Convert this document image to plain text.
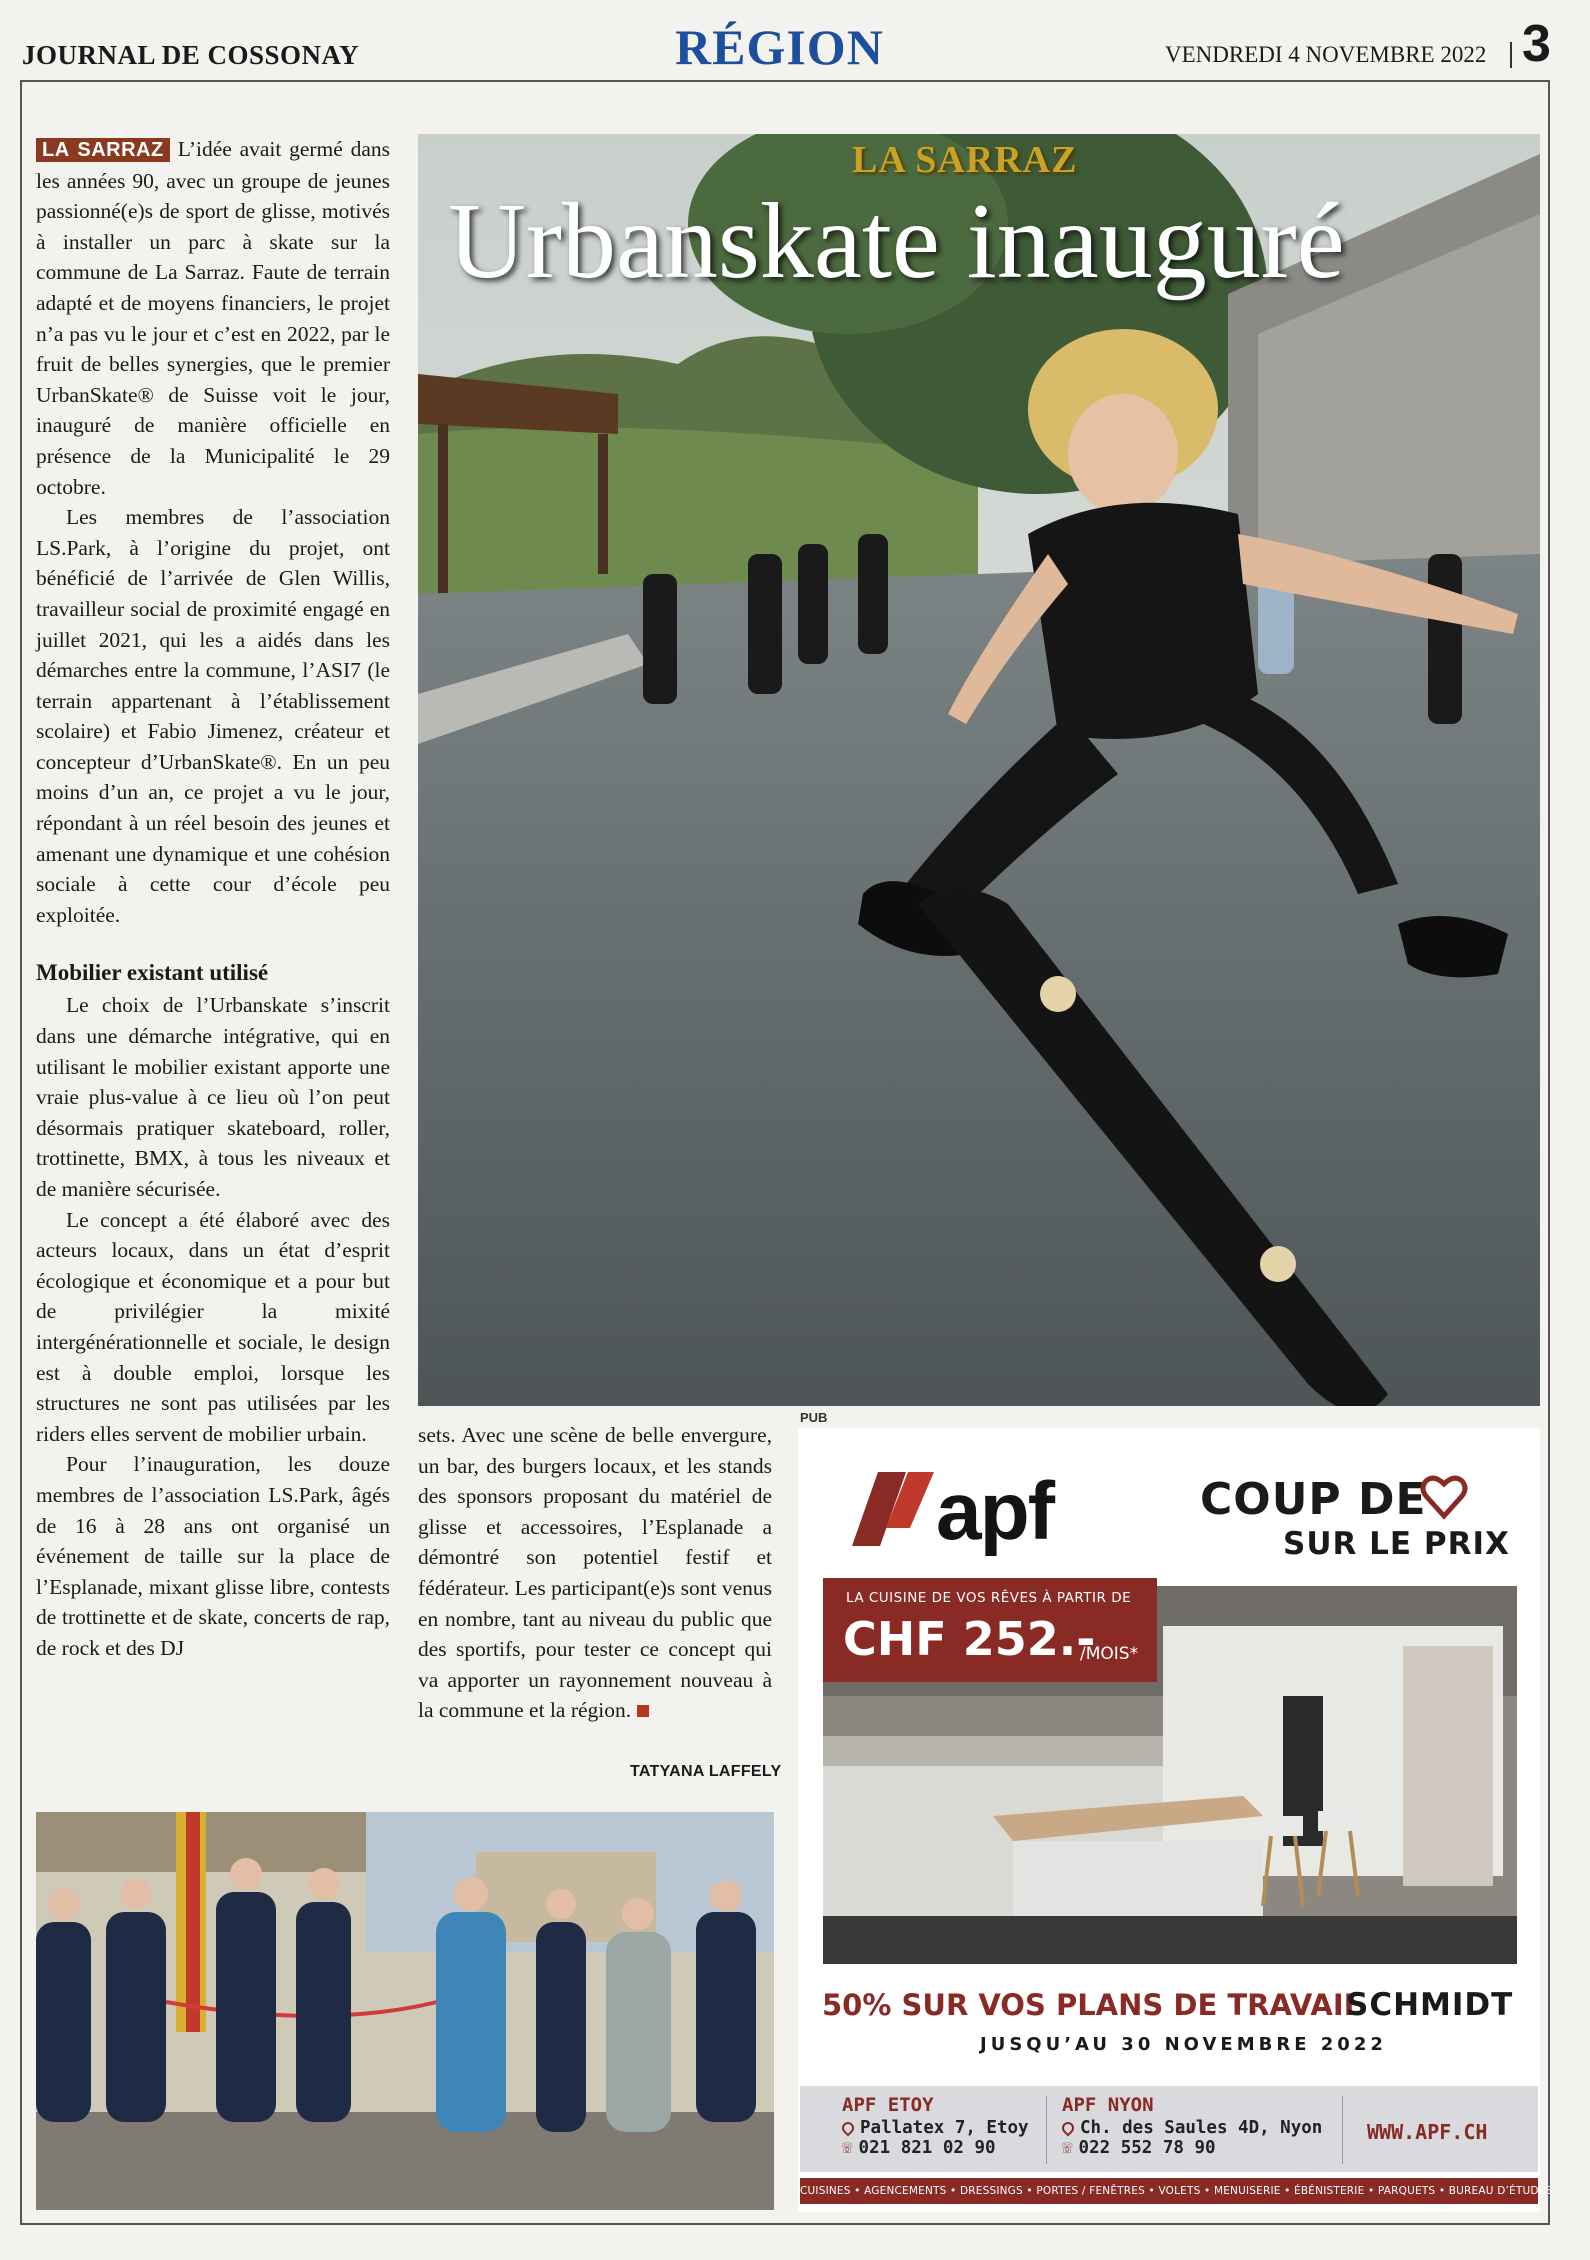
JOURNAL DE COSSONAY	RÉGION	VENDREDI 4 NOVEMBRE 2022 3

LA SARRAZ L’idée avait germé dans les années 90, avec un groupe de jeunes passionné(e)s de sport de glisse, motivés à installer un parc à skate sur la commune de La Sarraz. Faute de terrain adapté et de moyens financiers, le projet n’a pas vu le jour et c’est en 2022, par le fruit de belles synergies, que le premier UrbanSkate® de Suisse voit le jour, inauguré de manière officielle en présence de la Municipalité le 29 octobre.

Les membres de l’association LS.Park, à l’origine du projet, ont bénéficié de l’arrivée de Glen Willis, travailleur social de proximité engagé en juillet 2021, qui les a aidés dans les démarches entre la commune, l’ASI7 (le terrain appartenant à l’établissement scolaire) et Fabio Jimenez, créateur et concepteur d’UrbanSkate®. En un peu moins d’un an, ce projet a vu le jour, répondant à un réel besoin des jeunes et amenant une dynamique et une cohésion sociale à cette cour d’école peu exploitée.

Mobilier existant utilisé

Le choix de l’Urbanskate s’inscrit dans une démarche intégrative, qui en utilisant le mobilier existant apporte une vraie plus-value à ce lieu où l’on peut désormais pratiquer skateboard, roller, trottinette, BMX, à tous les niveaux et de manière sécurisée.

Le concept a été élaboré avec des acteurs locaux, dans un état d’esprit écologique et économique et a pour but de privilégier la mixité intergénérationnelle et sociale, le design est à double emploi, lorsque les structures ne sont pas utilisées par les riders elles servent de mobilier urbain.

Pour l’inauguration, les douze membres de l’association LS.Park, âgés de 16 à 28 ans ont organisé un événement de taille sur la place de l’Esplanade, mixant glisse libre, contests de trottinette et de skate, concerts de rap, de rock et des DJ

LA SARRAZ
Urbanskate inauguré

sets. Avec une scène de belle envergure, un bar, des burgers locaux, et les stands des sponsors proposant du matériel de glisse et accessoires, l’Esplanade a démontré son potentiel festif et fédérateur. Les participant(e)s sont venus en nombre, tant au niveau du public que des sportifs, pour tester ce concept qui va apporter un rayonnement nouveau à la commune et la région.

TATYANA LAFFELY
PUB
apf	COUP DE
SUR LE PRIX
LA CUISINE DE VOS RÊVES À PARTIR DE
CHF 252.-
/MOIS*
50% SUR VOS PLANS DE TRAVAIL
SCHMIDT
JUSQU’AU 30 NOVEMBRE 2022
APF ETOY
Pallatex 7, Etoy
☏ 021 821 02 90
APF NYON
Ch. des Saules 4D, Nyon
☏ 022 552 78 90
WWW.APF.CH
CUISINES • AGENCEMENTS • DRESSINGS • PORTES / FENÊTRES • VOLETS • MENUISERIE • ÉBÉNISTERIE • PARQUETS • BUREAU D’ÉTUDES
